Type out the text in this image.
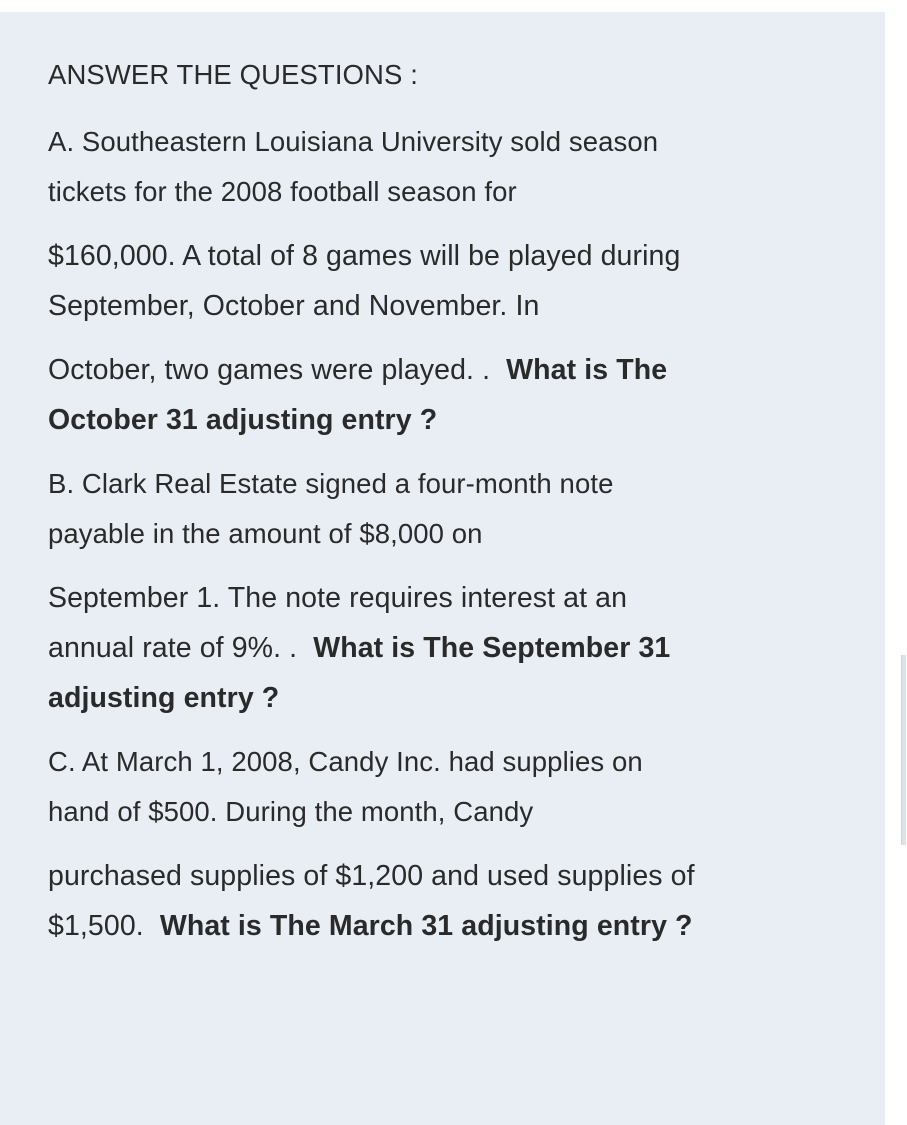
ANSWER THE QUESTIONS :
A. Southeastern Louisiana University sold season
tickets for the 2008 football season for
$160,000. A total of 8 games will be played during
September, October and November. In
October, two games were played. .  What is The
October 31 adjusting entry ?
B. Clark Real Estate signed a four-month note
payable in the amount of $8,000 on
September 1. The note requires interest at an
annual rate of 9%. .  What is The September 31
adjusting entry ?
C. At March 1, 2008, Candy Inc. had supplies on
hand of $500. During the month, Candy
purchased supplies of $1,200 and used supplies of
$1,500.  What is The March 31 adjusting entry ?
